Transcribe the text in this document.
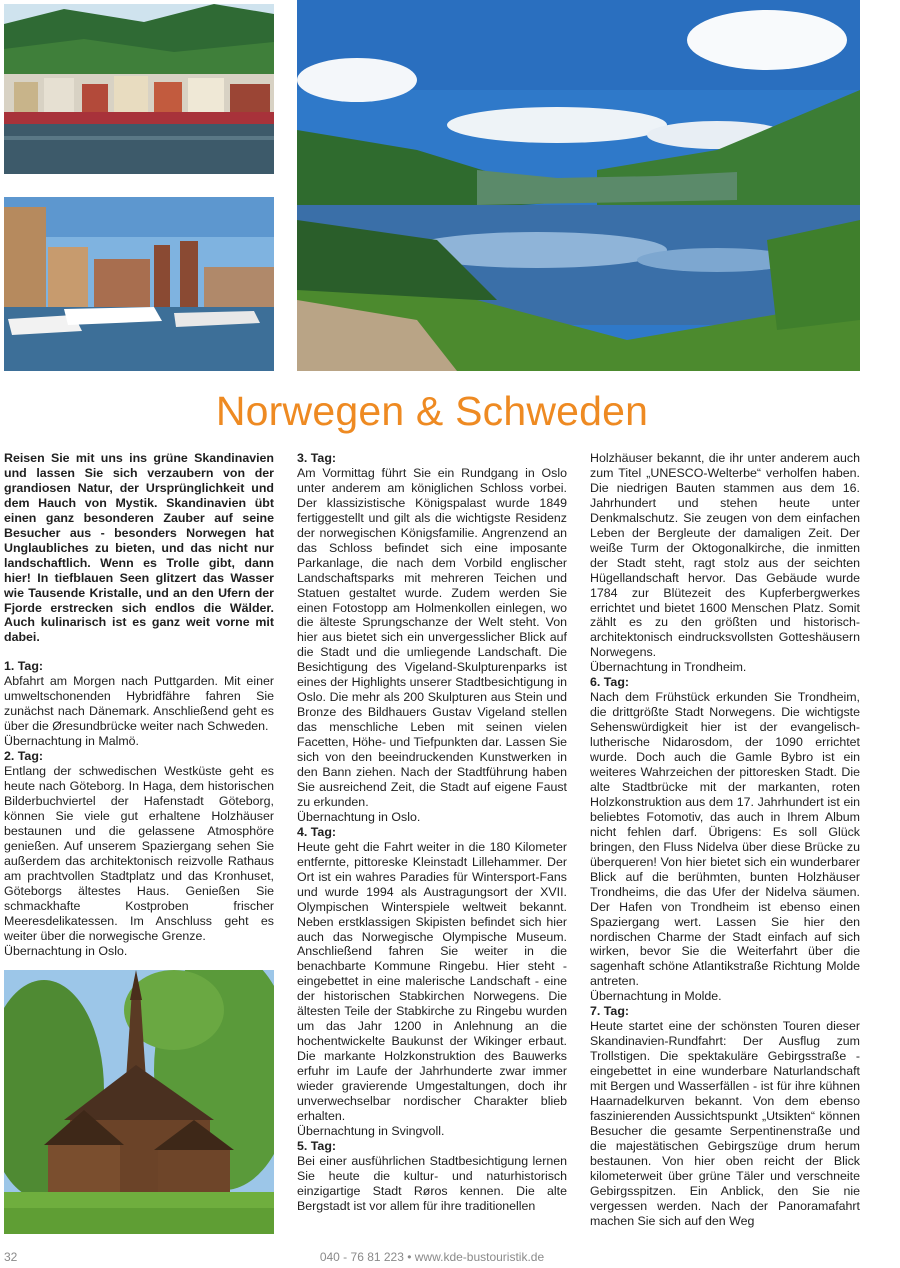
Norwegen & Schweden

Reisen Sie mit uns ins grüne Skandinavien und lassen Sie sich verzaubern von der grandiosen Natur, der Ursprünglichkeit und dem Hauch von Mystik. Skandinavien übt einen ganz besonderen Zauber auf seine Besucher aus - besonders Norwegen hat Unglaubliches zu bieten, und das nicht nur landschaftlich. Wenn es Trolle gibt, dann hier! In tiefblauen Seen glitzert das Wasser wie Tausende Kristalle, und an den Ufern der Fjorde erstrecken sich endlos die Wälder. Auch kulinarisch ist es ganz weit vorne mit dabei.

1. Tag:

Abfahrt am Morgen nach Puttgarden. Mit einer umweltschonenden Hybridfähre fahren Sie zunächst nach Dänemark. Anschließend geht es über die Øresundbrücke weiter nach Schweden.

Übernachtung in Malmö.

2. Tag:

Entlang der schwedischen Westküste geht es heute nach Göteborg. In Haga, dem historischen Bilderbuchviertel der Hafenstadt Göteborg, können Sie viele gut erhaltene Holzhäuser bestaunen und die gelassene Atmosphöre genießen. Auf unserem Spaziergang sehen Sie außerdem das architektonisch reizvolle Rathaus am prachtvollen Stadtplatz und das Kronhuset, Göteborgs ältestes Haus. Genießen Sie schmackhafte Kostproben frischer Meeresdelikatessen. Im Anschluss geht es weiter über die norwegische Grenze.

Übernachtung in Oslo.

3. Tag:

Am Vormittag führt Sie ein Rundgang in Oslo unter anderem am königlichen Schloss vorbei. Der klassizistische Königspalast wurde 1849 fertiggestellt und gilt als die wichtigste Residenz der norwegischen Königsfamilie. Angrenzend an das Schloss befindet sich eine imposante Parkanlage, die nach dem Vorbild englischer Landschaftsparks mit mehreren Teichen und Statuen gestaltet wurde. Zudem werden Sie einen Fotostopp am Holmenkollen einlegen, wo die älteste Sprungschanze der Welt steht. Von hier aus bietet sich ein unvergesslicher Blick auf die Stadt und die umliegende Landschaft. Die Besichtigung des Vigeland-Skulpturenparks ist eines der Highlights unserer Stadtbesichtigung in Oslo. Die mehr als 200 Skulpturen aus Stein und Bronze des Bildhauers Gustav Vigeland stellen das menschliche Leben mit seinen vielen Facetten, Höhe- und Tiefpunkten dar. Lassen Sie sich von den beeindruckenden Kunstwerken in den Bann ziehen. Nach der Stadtführung haben Sie ausreichend Zeit, die Stadt auf eigene Faust zu erkunden.

Übernachtung in Oslo.

4. Tag:

Heute geht die Fahrt weiter in die 180 Kilometer entfernte, pittoreske Kleinstadt Lillehammer. Der Ort ist ein wahres Paradies für Wintersport-Fans und wurde 1994 als Austragungsort der XVII. Olympischen Winterspiele weltweit bekannt. Neben erstklassigen Skipisten befindet sich hier auch das Norwegische Olympische Museum. Anschließend fahren Sie weiter in die benachbarte Kommune Ringebu. Hier steht - eingebettet in eine malerische Landschaft - eine der historischen Stabkirchen Norwegens. Die ältesten Teile der Stabkirche zu Ringebu wurden um das Jahr 1200 in Anlehnung an die hochentwickelte Baukunst der Wikinger erbaut. Die markante Holzkonstruktion des Bauwerks erfuhr im Laufe der Jahrhunderte zwar immer wieder gravierende Umgestaltungen, doch ihr unverwechselbar nordischer Charakter blieb erhalten.

Übernachtung in Svingvoll.

5. Tag:

Bei einer ausführlichen Stadtbesichtigung lernen Sie heute die kultur- und naturhistorisch einzigartige Stadt Røros kennen. Die alte Bergstadt ist vor allem für ihre traditionellen

Holzhäuser bekannt, die ihr unter anderem auch zum Titel „UNESCO-Welterbe“ verholfen haben. Die niedrigen Bauten stammen aus dem 16. Jahrhundert und stehen heute unter Denkmalschutz. Sie zeugen von dem einfachen Leben der Bergleute der damaligen Zeit. Der weiße Turm der Oktogonalkirche, die inmitten der Stadt steht, ragt stolz aus der seichten Hügellandschaft hervor. Das Gebäude wurde 1784 zur Blütezeit des Kupferbergwerkes errichtet und bietet 1600 Menschen Platz. Somit zählt es zu den größten und historisch-architektonisch eindrucksvollsten Gotteshäusern Norwegens.

Übernachtung in Trondheim.

6. Tag:

Nach dem Frühstück erkunden Sie Trondheim, die drittgrößte Stadt Norwegens. Die wichtigste Sehenswürdigkeit hier ist der evangelisch-lutherische Nidarosdom, der 1090 errichtet wurde. Doch auch die Gamle Bybro ist ein weiteres Wahrzeichen der pittoresken Stadt. Die alte Stadtbrücke mit der markanten, roten Holzkonstruktion aus dem 17. Jahrhundert ist ein beliebtes Fotomotiv, das auch in Ihrem Album nicht fehlen darf. Übrigens: Es soll Glück bringen, den Fluss Nidelva über diese Brücke zu überqueren! Von hier bietet sich ein wunderbarer Blick auf die berühmten, bunten Holzhäuser Trondheims, die das Ufer der Nidelva säumen. Der Hafen von Trondheim ist ebenso einen Spaziergang wert. Lassen Sie hier den nordischen Charme der Stadt einfach auf sich wirken, bevor Sie die Weiterfahrt über die sagenhaft schöne Atlantikstraße Richtung Molde antreten.

Übernachtung in Molde.

7. Tag:

Heute startet eine der schönsten Touren dieser Skandinavien-Rundfahrt: Der Ausflug zum Trollstigen. Die spektakuläre Gebirgsstraße - eingebettet in eine wunderbare Naturlandschaft mit Bergen und Wasserfällen - ist für ihre kühnen Haarnadelkurven bekannt. Von dem ebenso faszinierenden Aussichtspunkt „Utsikten“ können Besucher die gesamte Serpentinenstraße und die majestätischen Gebirgszüge drum herum bestaunen. Von hier oben reicht der Blick kilometerweit über grüne Täler und verschneite Gebirgsspitzen. Ein Anblick, den Sie nie vergessen werden. Nach der Panoramafahrt machen Sie sich auf den Weg

32	040 - 76 81 223 • www.kde-bustouristik.de
